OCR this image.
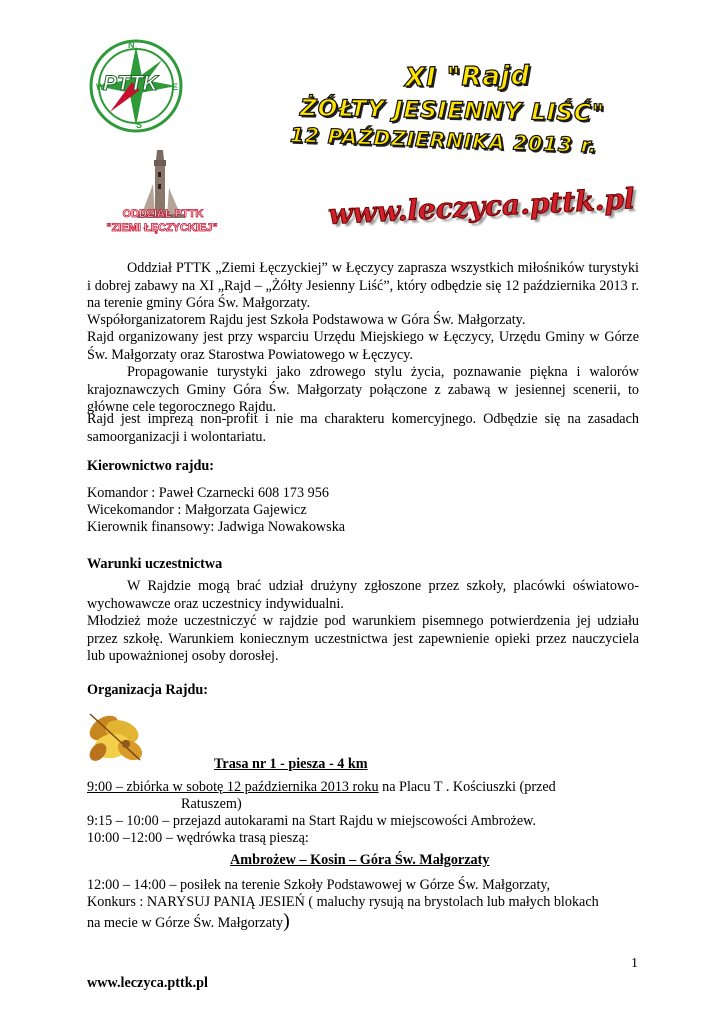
PTTK
N
S
E
W
ODDZIAŁ PTTK
"ZIEMI ŁĘCZYCKIEJ"
XI "Rajd
ŻÓŁTY JESIENNY LIŚĆ"
12 PAŹDZIERNIKA 2013 r.
www.leczyca.pttk.pl
Oddział PTTK „Ziemi Łęczyckiej” w Łęczycy zaprasza wszystkich miłośników turystyki i dobrej zabawy na XI „Rajd – „Żółty Jesienny Liść”, który odbędzie się 12 października 2013 r. na terenie gminy Góra Św. Małgorzaty.
Współorganizatorem Rajdu jest Szkoła Podstawowa w Góra Św. Małgorzaty.
Rajd organizowany jest przy wsparciu Urzędu Miejskiego w Łęczycy, Urzędu Gminy w Górze Św. Małgorzaty oraz Starostwa Powiatowego w Łęczycy.
Propagowanie turystyki jako zdrowego stylu życia, poznawanie piękna i walorów krajoznawczych Gminy Góra Św. Małgorzaty połączone z zabawą w jesiennej scenerii, to główne cele tegorocznego Rajdu.
Rajd jest imprezą non-profit i nie ma charakteru komercyjnego. Odbędzie się na zasadach samoorganizacji i wolontariatu.
Kierownictwo rajdu:
Komandor : Paweł Czarnecki 608 173 956
Wicekomandor : Małgorzata Gajewicz
Kierownik finansowy: Jadwiga Nowakowska
Warunki uczestnictwa
W Rajdzie mogą brać udział drużyny zgłoszone przez szkoły, placówki oświatowo-wychowawcze oraz uczestnicy indywidualni.
Młodzież może uczestniczyć w rajdzie pod warunkiem pisemnego potwierdzenia jej udziału przez szkołę. Warunkiem koniecznym uczestnictwa jest zapewnienie opieki przez nauczyciela lub upoważnionej osoby dorosłej.
Organizacja Rajdu:
Trasa nr 1 - piesza - 4 km
9:00 – zbiórka w sobotę 12 października 2013 roku na Placu T . Kościuszki (przed
Ratuszem)
9:15 – 10:00 – przejazd autokarami na Start Rajdu w miejscowości Ambrożew.
10:00 –12:00 – wędrówka trasą pieszą:
Ambrożew – Kosin – Góra Św. Małgorzaty
12:00 – 14:00 – posiłek na terenie Szkoły Podstawowej w Górze Św. Małgorzaty,
Konkurs : NARYSUJ PANIĄ JESIEŃ ( maluchy rysują na brystolach lub małych blokach
na mecie w Górze Św. Małgorzaty)
1
www.leczyca.pttk.pl
